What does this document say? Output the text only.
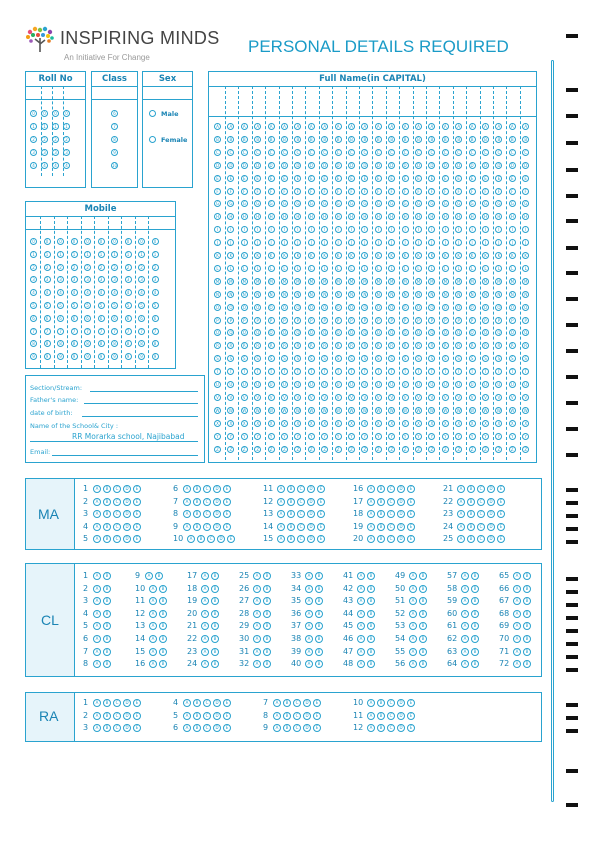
INSPIRING MINDS
An Initiative For Change
PERSONAL DETAILS REQUIRED
Roll No
0	0	0	0
1	1	1	1
2	2	2	2
3	3	3	3
4	4	4	4
Class
6
7
8
9
10
Sex
Male
Female
Mobile
0	0	0	0	0	0	0	0	0	0
1	1	1	1	1	1	1	1	1	1
2	2	2	2	2	2	2	2	2	2
3	3	3	3	3	3	3	3	3	3
4	4	4	4	4	4	4	4	4	4
5	5	5	5	5	5	5	5	5	5
6	6	6	6	6	6	6	6	6	6
7	7	7	7	7	7	7	7	7	7
8	8	8	8	8	8	8	8	8	8
9	9	9	9	9	9	9	9	9	9
Section/Stream:
Father's name:
date of birth:
Name of the School& City :
RR Morarka school, Najibabad
Email:
Full Name(in CAPITAL)
A	A	A	A	A	A	A	A	A	A	A	A	A	A	A	A	A	A	A	A	A	A	A	A
B	B	B	B	B	B	B	B	B	B	B	B	B	B	B	B	B	B	B	B	B	B	B	B
C	C	C	C	C	C	C	C	C	C	C	C	C	C	C	C	C	C	C	C	C	C	C	C
D	D	D	D	D	D	D	D	D	D	D	D	D	D	D	D	D	D	D	D	D	D	D	D
E	E	E	E	E	E	E	E	E	E	E	E	E	E	E	E	E	E	E	E	E	E	E	E
F	F	F	F	F	F	F	F	F	F	F	F	F	F	F	F	F	F	F	F	F	F	F	F
G	G	G	G	G	G	G	G	G	G	G	G	G	G	G	G	G	G	G	G	G	G	G	G
H	H	H	H	H	H	H	H	H	H	H	H	H	H	H	H	H	H	H	H	H	H	H	H
I	I	I	I	I	I	I	I	I	I	I	I	I	I	I	I	I	I	I	I	I	I	I	I
J	J	J	J	J	J	J	J	J	J	J	J	J	J	J	J	J	J	J	J	J	J	J	J
K	K	K	K	K	K	K	K	K	K	K	K	K	K	K	K	K	K	K	K	K	K	K	K
L	L	L	L	L	L	L	L	L	L	L	L	L	L	L	L	L	L	L	L	L	L	L	L
M	M	M	M	M	M	M	M	M	M	M	M	M	M	M	M	M	M	M	M	M	M	M	M
N	N	N	N	N	N	N	N	N	N	N	N	N	N	N	N	N	N	N	N	N	N	N	N
O	O	O	O	O	O	O	O	O	O	O	O	O	O	O	O	O	O	O	O	O	O	O	O
P	P	P	P	P	P	P	P	P	P	P	P	P	P	P	P	P	P	P	P	P	P	P	P
Q	Q	Q	Q	Q	Q	Q	Q	Q	Q	Q	Q	Q	Q	Q	Q	Q	Q	Q	Q	Q	Q	Q	Q
R	R	R	R	R	R	R	R	R	R	R	R	R	R	R	R	R	R	R	R	R	R	R	R
S	S	S	S	S	S	S	S	S	S	S	S	S	S	S	S	S	S	S	S	S	S	S	S
T	T	T	T	T	T	T	T	T	T	T	T	T	T	T	T	T	T	T	T	T	T	T	T
U	U	U	U	U	U	U	U	U	U	U	U	U	U	U	U	U	U	U	U	U	U	U	U
V	V	V	V	V	V	V	V	V	V	V	V	V	V	V	V	V	V	V	V	V	V	V	V
W	W	W	W	W	W	W	W	W	W	W	W	W	W	W	W	W	W	W	W	W	W	W	W
X	X	X	X	X	X	X	X	X	X	X	X	X	X	X	X	X	X	X	X	X	X	X	X
Y	Y	Y	Y	Y	Y	Y	Y	Y	Y	Y	Y	Y	Y	Y	Y	Y	Y	Y	Y	Y	Y	Y	Y
Z	Z	Z	Z	Z	Z	Z	Z	Z	Z	Z	Z	Z	Z	Z	Z	Z	Z	Z	Z	Z	Z	Z	Z
MA
1	A	B	C	D	E
2	A	B	C	D	E
3	A	B	C	D	E
4	A	B	C	D	E
5	A	B	C	D	E
6	A	B	C	D	E
7	A	B	C	D	E
8	A	B	C	D	E
9	A	B	C	D	E
10	A	B	C	D	E
11	A	B	C	D	E
12	A	B	C	D	E
13	A	B	C	D	E
14	A	B	C	D	E
15	A	B	C	D	E
16	A	B	C	D	E
17	A	B	C	D	E
18	A	B	C	D	E
19	A	B	C	D	E
20	A	B	C	D	E
21	A	B	C	D	E
22	A	B	C	D	E
23	A	B	C	D	E
24	A	B	C	D	E
25	A	B	C	D	E
CL
1	A	B
2	A	B
3	A	B
4	A	B
5	A	B
6	A	B
7	A	B
8	A	B
9	A	B
10	A	B
11	A	B
12	A	B
13	A	B
14	A	B
15	A	B
16	A	B
17	A	B
18	A	B
19	A	B
20	A	B
21	A	B
22	A	B
23	A	B
24	A	B
25	A	B
26	A	B
27	A	B
28	A	B
29	A	B
30	A	B
31	A	B
32	A	B
33	A	B
34	A	B
35	A	B
36	A	B
37	A	B
38	A	B
39	A	B
40	A	B
41	A	B
42	A	B
43	A	B
44	A	B
45	A	B
46	A	B
47	A	B
48	A	B
49	A	B
50	A	B
51	A	B
52	A	B
53	A	B
54	A	B
55	A	B
56	A	B
57	A	B
58	A	B
59	A	B
60	A	B
61	A	B
62	A	B
63	A	B
64	A	B
65	A	B
66	A	B
67	A	B
68	A	B
69	A	B
70	A	B
71	A	B
72	A	B
RA
1	A	B	C	D	E
2	A	B	C	D	E
3	A	B	C	D	E
4	A	B	C	D	E
5	A	B	C	D	E
6	A	B	C	D	E
7	A	B	C	D	E
8	A	B	C	D	E
9	A	B	C	D	E
10	A	B	C	D	E
11	A	B	C	D	E
12	A	B	C	D	E
